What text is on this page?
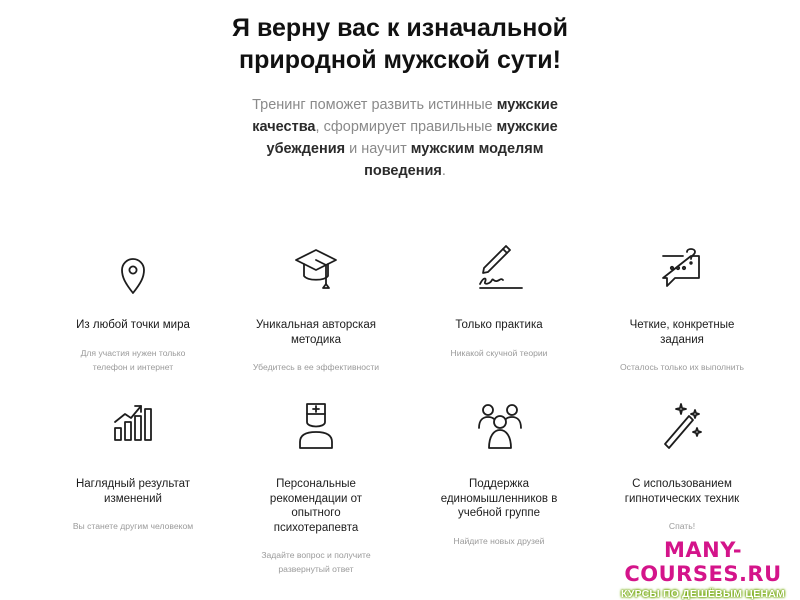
Я верну вас к изначальной
природной мужской сути!
Тренинг поможет развить истинные мужские качества, сформирует правильные мужские убеждения и научит мужским моделям поведения.
Из любой точки мира
Для участия нужен только
телефон и интернет
Уникальная авторская
методика
Убедитесь в ее эффективности
Только практика
Никакой скучной теории
Четкие, конкретные
задания
Осталось только их выполнить
Наглядный результат
изменений
Вы станете другим человеком
Персональные
рекомендации от
опытного
психотерапевта
Задайте вопрос и получите
развернутый ответ
Поддержка
единомышленников в
учебной группе
Найдите новых друзей
С использованием
гипнотических техник
Спать!
MANY-COURSES.RU
КУРСЫ ПО ДЕШЁВЫМ ЦЕНАМ
